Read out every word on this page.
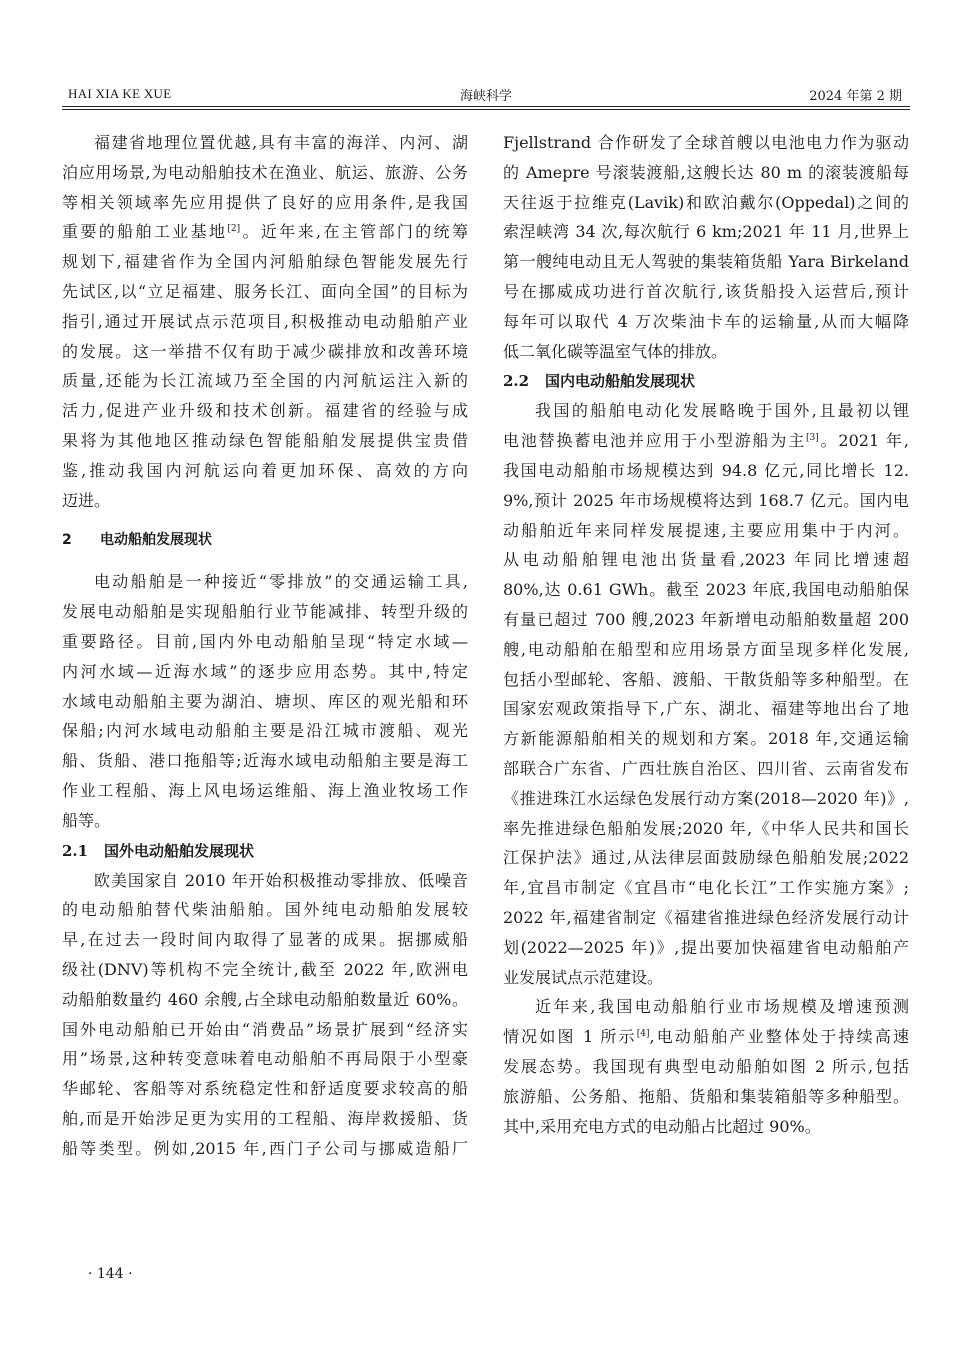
HAI XIA KE XUE	海峡科学	2024 年第 2 期
福建省地理位置优越,具有丰富的海洋、内河、湖
泊应用场景,为电动船舶技术在渔业、航运、旅游、公务
等相关领域率先应用提供了良好的应用条件,是我国
重要的船舶工业基地[2]。近年来,在主管部门的统筹
规划下,福建省作为全国内河船舶绿色智能发展先行
先试区,以“立足福建、服务长江、面向全国”的目标为
指引,通过开展试点示范项目,积极推动电动船舶产业
的发展。这一举措不仅有助于减少碳排放和改善环境
质量,还能为长江流域乃至全国的内河航运注入新的
活力,促进产业升级和技术创新。福建省的经验与成
果将为其他地区推动绿色智能船舶发展提供宝贵借
鉴,推动我国内河航运向着更加环保、高效的方向
迈进。
2 电动船舶发展现状
电动船舶是一种接近“零排放”的交通运输工具,
发展电动船舶是实现船舶行业节能减排、转型升级的
重要路径。目前,国内外电动船舶呈现“特定水域—
内河水域—近海水域”的逐步应用态势。其中,特定
水域电动船舶主要为湖泊、塘坝、库区的观光船和环
保船;内河水域电动船舶主要是沿江城市渡船、观光
船、货船、港口拖船等;近海水域电动船舶主要是海工
作业工程船、海上风电场运维船、海上渔业牧场工作
船等。
2.1 国外电动船舶发展现状
欧美国家自 2010 年开始积极推动零排放、低噪音
的电动船舶替代柴油船舶。国外纯电动船舶发展较
早,在过去一段时间内取得了显著的成果。据挪威船
级社(DNV)等机构不完全统计,截至 2022 年,欧洲电
动船舶数量约 460 余艘,占全球电动船舶数量近 60%。
国外电动船舶已开始由“消费品”场景扩展到“经济实
用”场景,这种转变意味着电动船舶不再局限于小型豪
华邮轮、客船等对系统稳定性和舒适度要求较高的船
舶,而是开始涉足更为实用的工程船、海岸救援船、货
船等类型。例如,2015 年,西门子公司与挪威造船厂
Fjellstrand 合作研发了全球首艘以电池电力作为驱动
的 Amepre 号滚装渡船,这艘长达 80 m 的滚装渡船每
天往返于拉维克(Lavik)和欧泊戴尔(Oppedal)之间的
索涅峡湾 34 次,每次航行 6 km;2021 年 11 月,世界上
第一艘纯电动且无人驾驶的集装箱货船 Yara Birkeland
号在挪威成功进行首次航行,该货船投入运营后,预计
每年可以取代 4 万次柴油卡车的运输量,从而大幅降
低二氧化碳等温室气体的排放。
2.2 国内电动船舶发展现状
我国的船舶电动化发展略晚于国外,且最初以锂
电池替换蓄电池并应用于小型游船为主[3]。2021 年,
我国电动船舶市场规模达到 94.8 亿元,同比增长 12.
9%,预计 2025 年市场规模将达到 168.7 亿元。国内电
动船舶近年来同样发展提速,主要应用集中于内河。
从电动船舶锂电池出货量看,2023 年同比增速超
80%,达 0.61 GWh。截至 2023 年底,我国电动船舶保
有量已超过 700 艘,2023 年新增电动船舶数量超 200
艘,电动船舶在船型和应用场景方面呈现多样化发展,
包括小型邮轮、客船、渡船、干散货船等多种船型。在
国家宏观政策指导下,广东、湖北、福建等地出台了地
方新能源船舶相关的规划和方案。2018 年,交通运输
部联合广东省、广西壮族自治区、四川省、云南省发布
《推进珠江水运绿色发展行动方案(2018—2020 年)》,
率先推进绿色船舶发展;2020 年,《中华人民共和国长
江保护法》通过,从法律层面鼓励绿色船舶发展;2022
年,宜昌市制定《宜昌市“电化长江”工作实施方案》;
2022 年,福建省制定《福建省推进绿色经济发展行动计
划(2022—2025 年)》,提出要加快福建省电动船舶产
业发展试点示范建设。
近年来,我国电动船舶行业市场规模及增速预测
情况如图 1 所示[4],电动船舶产业整体处于持续高速
发展态势。我国现有典型电动船舶如图 2 所示,包括
旅游船、公务船、拖船、货船和集装箱船等多种船型。
其中,采用充电方式的电动船占比超过 90%。
· 144 ·
